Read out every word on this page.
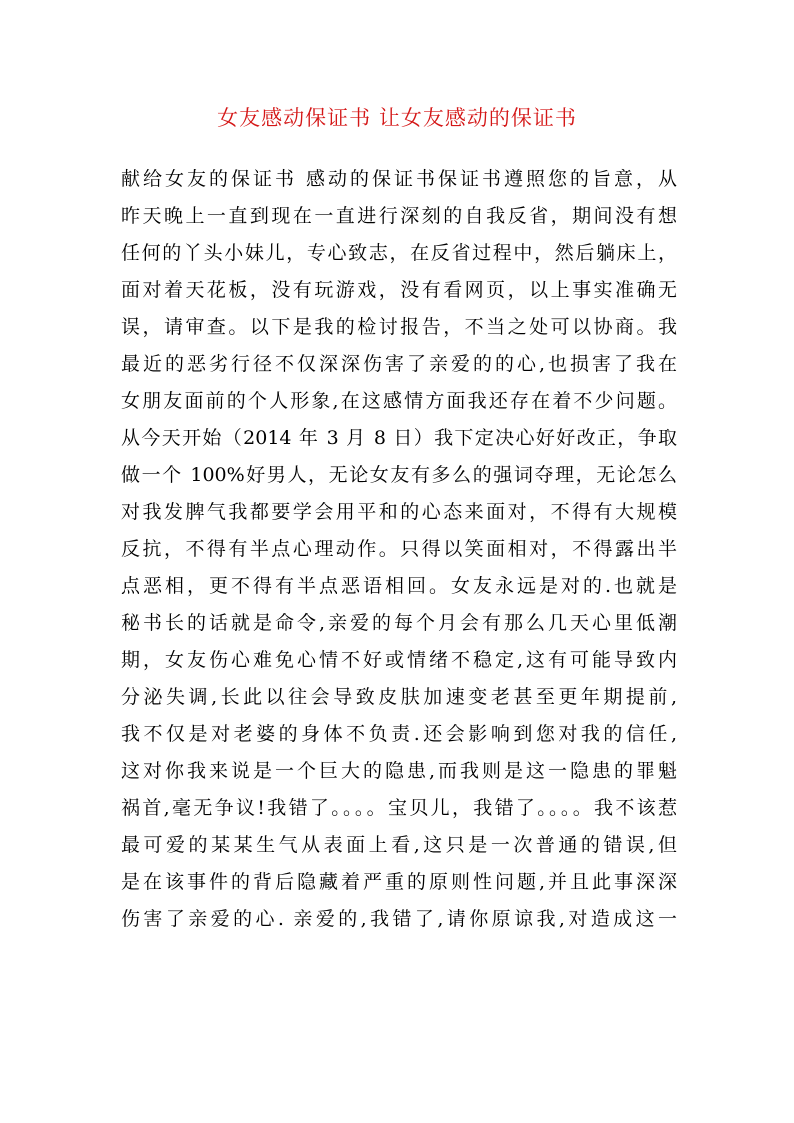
女友感动保证书 让女友感动的保证书
献给女友的保证书 感动的保证书保证书遵照您的旨意，从
昨天晚上一直到现在一直进行深刻的自我反省，期间没有想
任何的丫头小妹儿，专心致志，在反省过程中，然后躺床上，
面对着天花板，没有玩游戏，没有看网页，以上事实准确无
误，请审查。以下是我的检讨报告，不当之处可以协商。我
最近的恶劣行径不仅深深伤害了亲爱的的心,也损害了我在
女朋友面前的个人形象,在这感情方面我还存在着不少问题。
从今天开始（2014 年 3 月 8 日）我下定决心好好改正，争取
做一个 100%好男人，无论女友有多么的强词夺理，无论怎么
对我发脾气我都要学会用平和的心态来面对，不得有大规模
反抗，不得有半点心理动作。只得以笑面相对，不得露出半
点恶相，更不得有半点恶语相回。女友永远是对的.也就是
秘书长的话就是命令,亲爱的每个月会有那么几天心里低潮
期，女友伤心难免心情不好或情绪不稳定,这有可能导致内
分泌失调,长此以往会导致皮肤加速变老甚至更年期提前,
我不仅是对老婆的身体不负责.还会影响到您对我的信任,
这对你我来说是一个巨大的隐患,而我则是这一隐患的罪魁
祸首,毫无争议!我错了。。。。宝贝儿，我错了。。。。我不该惹
最可爱的某某生气从表面上看,这只是一次普通的错误,但
是在该事件的背后隐藏着严重的原则性问题,并且此事深深
伤害了亲爱的心. 亲爱的,我错了,请你原谅我,对造成这一
